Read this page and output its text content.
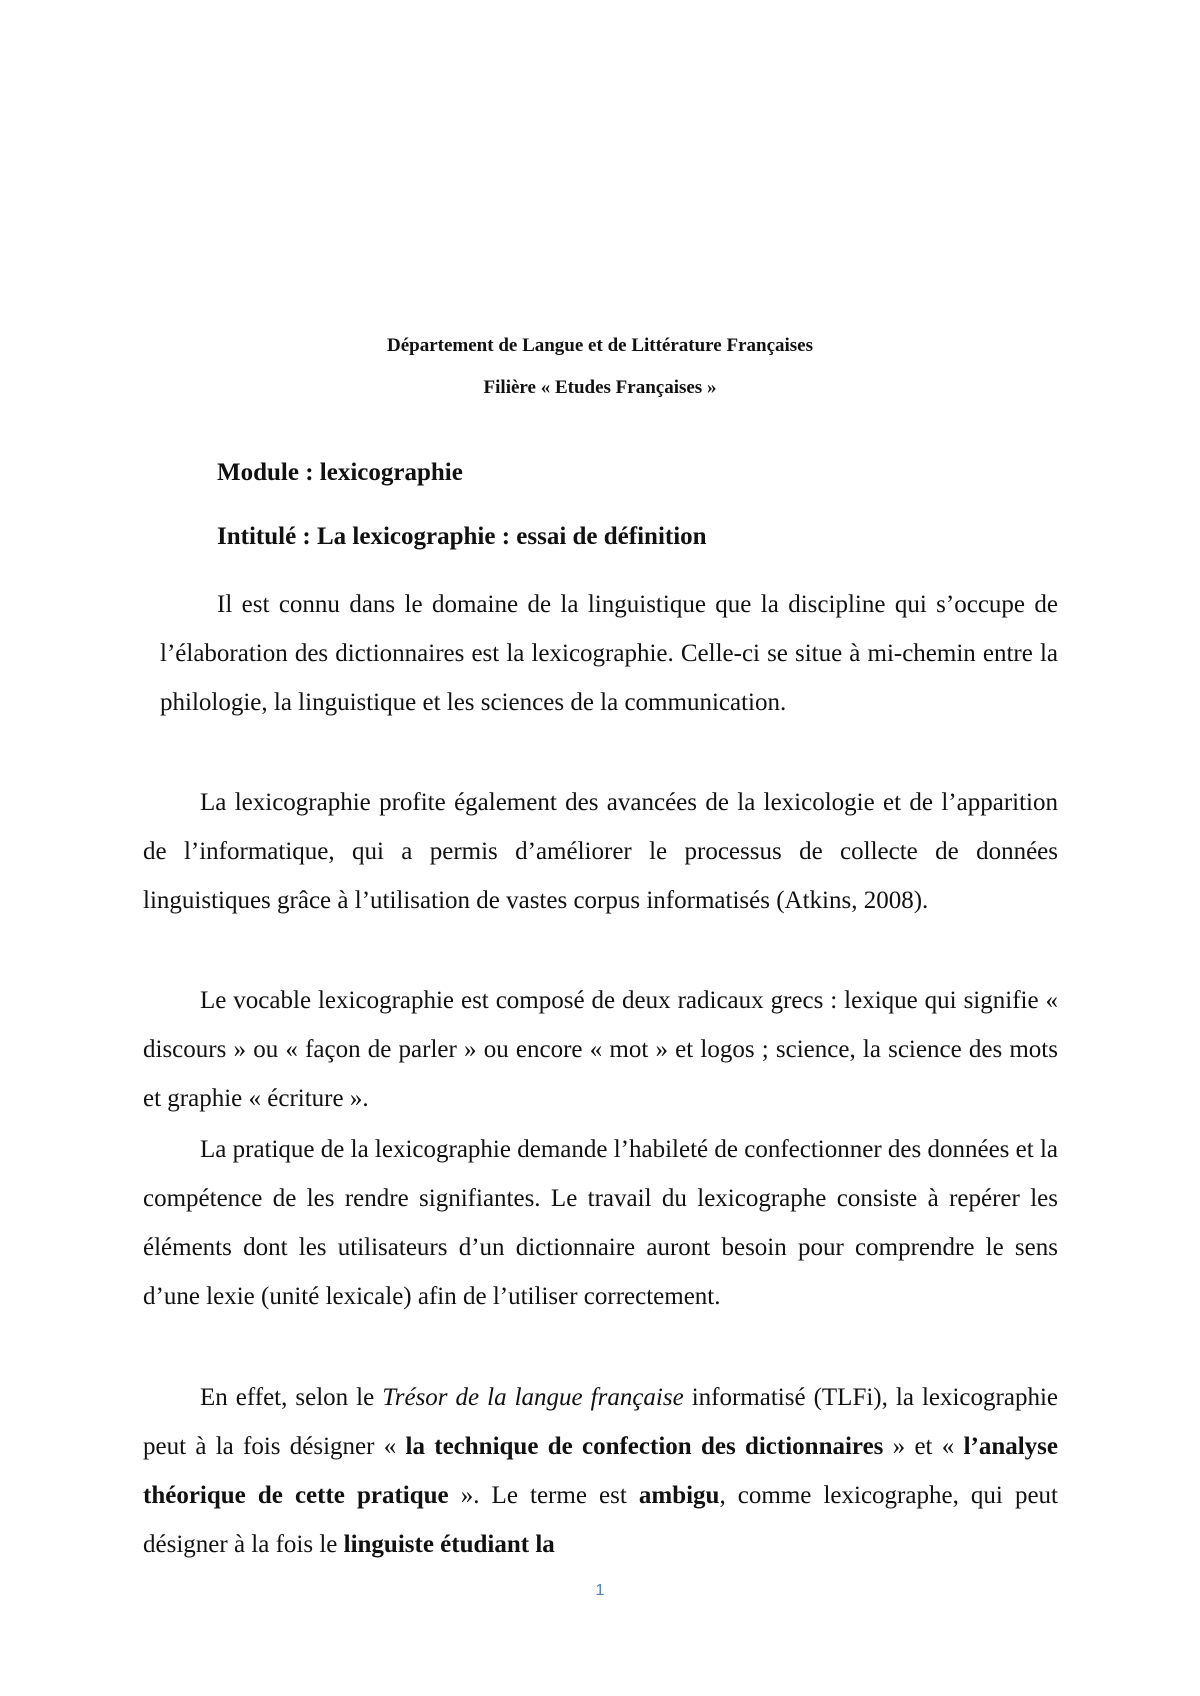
Département de Langue et de Littérature Françaises
Filière « Etudes Françaises »
Module : lexicographie
Intitulé : La lexicographie : essai de définition
Il est connu dans le domaine de la linguistique que la discipline qui s’occupe de l’élaboration des dictionnaires est la lexicographie. Celle-ci se situe à mi-chemin entre la philologie, la linguistique et les sciences de la communication.
La lexicographie profite également des avancées de la lexicologie et de l’apparition de l’informatique, qui a permis d’améliorer le processus de collecte de données linguistiques grâce à l’utilisation de vastes corpus informatisés (Atkins, 2008).
Le vocable lexicographie est composé de deux radicaux grecs : lexique qui signifie « discours » ou « façon de parler » ou encore « mot » et logos ; science, la science des mots et graphie « écriture ».
La pratique de la lexicographie demande l’habileté de confectionner des données et la compétence de les rendre signifiantes. Le travail du lexicographe consiste à repérer les éléments dont les utilisateurs d’un dictionnaire auront besoin pour comprendre le sens d’une lexie (unité lexicale) afin de l’utiliser correctement.
En effet, selon le Trésor de la langue française informatisé (TLFi), la lexicographie peut à la fois désigner « la technique de confection des dictionnaires » et « l’analyse théorique de cette pratique ». Le terme est ambigu, comme lexicographe, qui peut désigner à la fois le linguiste étudiant la
1
